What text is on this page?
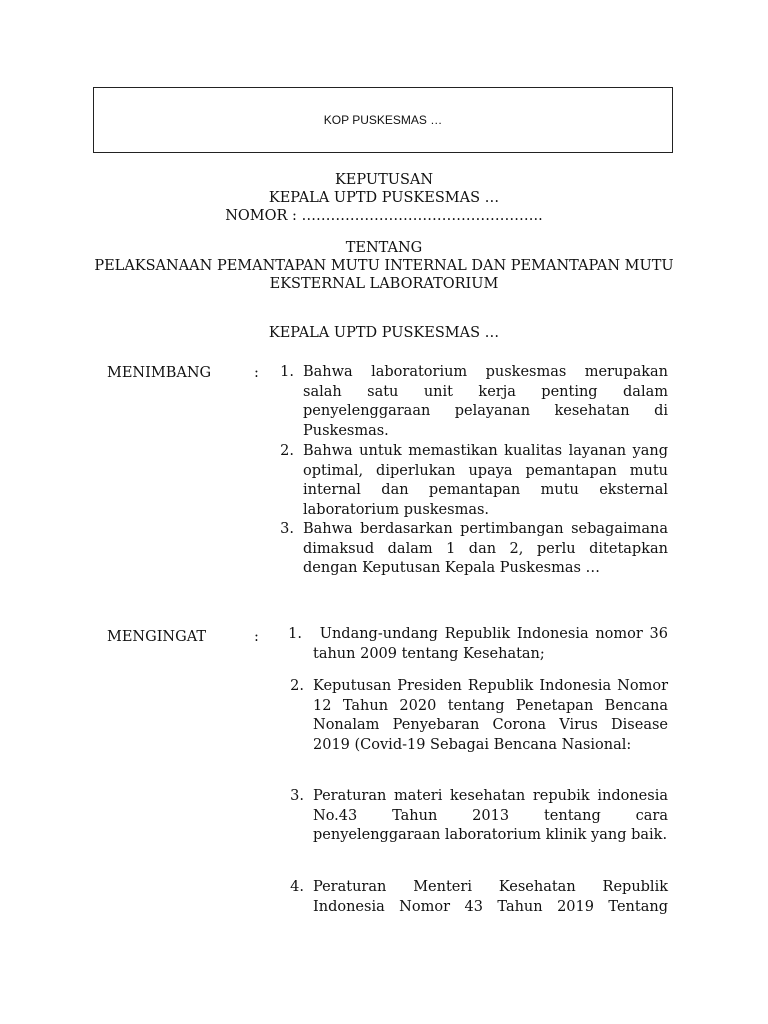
KOP PUSKESMAS …
KEPUTUSAN
KEPALA UPTD PUSKESMAS …
NOMOR : …………………………………………..
TENTANG
PELAKSANAAN PEMANTAPAN MUTU INTERNAL DAN PEMANTAPAN MUTU
EKSTERNAL LABORATORIUM
KEPALA UPTD PUSKESMAS …
MENIMBANG	:	1. Bahwa laboratorium puskesmas merupakan salah satu unit kerja penting dalam penyelenggaraan pelayanan kesehatan di Puskesmas.
2. Bahwa untuk memastikan kualitas layanan yang optimal, diperlukan upaya pemantapan mutu internal dan pemantapan mutu eksternal laboratorium puskesmas.
3. Bahwa berdasarkan pertimbangan sebagaimana dimaksud dalam 1 dan 2, perlu ditetapkan dengan Keputusan Kepala Puskesmas …
MENGINGAT	:	1. Undang-undang Republik Indonesia nomor 36 tahun 2009 tentang Kesehatan;
2. Keputusan Presiden Republik Indonesia Nomor 12 Tahun 2020 tentang Penetapan Bencana Nonalam Penyebaran Corona Virus Disease 2019 (Covid-19 Sebagai Bencana Nasional:
3. Peraturan materi kesehatan repubik indonesia No.43 Tahun 2013 tentang cara penyelenggaraan laboratorium klinik yang baik.
4. Peraturan Menteri Kesehatan Republik Indonesia Nomor 43 Tahun 2019 Tentang
